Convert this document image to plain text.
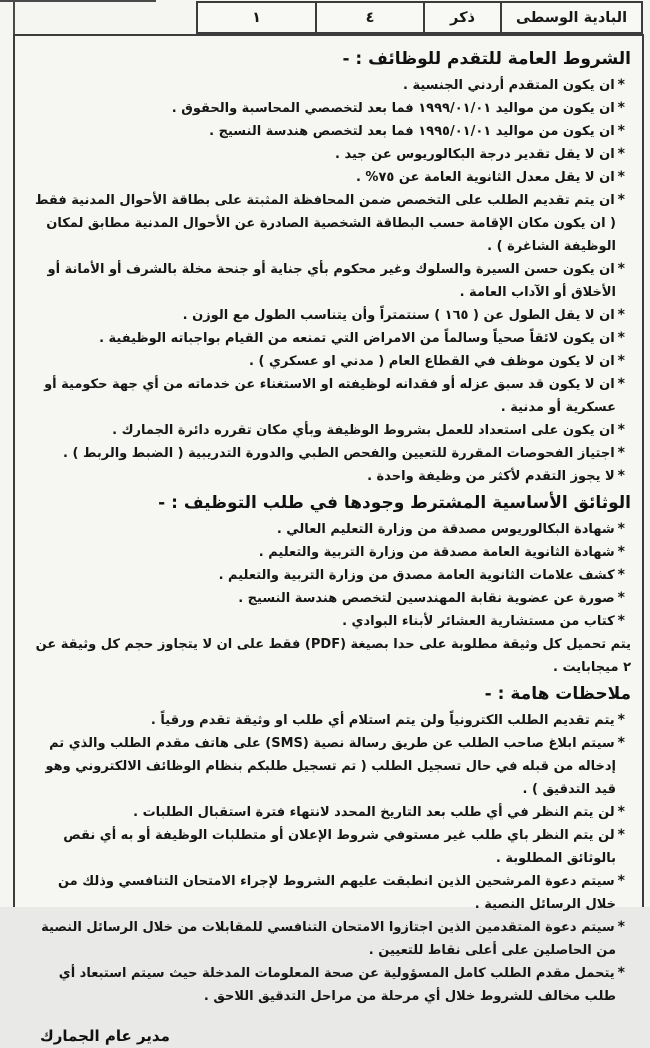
١	٤	ذكر	البادية الوسطى
الشروط العامة للتقدم للوظائف : -
*ان يكون المتقدم أردني الجنسية .
*ان يكون من مواليد ١٩٩٩/٠١/٠١ فما بعد لتخصصي المحاسبة والحقوق .
*ان يكون من مواليد ١٩٩٥/٠١/٠١ فما بعد لتخصص هندسة النسيج .
*ان لا يقل تقدير درجة البكالوريوس عن جيد .
*ان لا يقل معدل الثانوية العامة عن ٧٥% .
*ان يتم تقديم الطلب على التخصص ضمن المحافظة المثبتة على بطاقة الأحوال المدنية فقط ( ان يكون مكان الإقامة حسب البطاقة الشخصية الصادرة عن الأحوال المدنية مطابق لمكان الوظيفة الشاغرة ) .
*ان يكون حسن السيرة والسلوك وغير محكوم بأي جناية أو جنحة مخلة بالشرف أو الأمانة أو الأخلاق أو الآداب العامة .
*ان لا يقل الطول عن ( ١٦٥ ) سنتمتراً وأن يتناسب الطول مع الوزن .
*ان يكون لائقاً صحياً وسالماً من الامراض التي تمنعه من القيام بواجباته الوظيفية .
*ان لا يكون موظف في القطاع العام ( مدني او عسكري ) .
*ان لا يكون قد سبق عزله أو فقدانه لوظيفته او الاستغناء عن خدماته من أي جهة حكومية أو عسكرية أو مدنية .
*ان يكون على استعداد للعمل بشروط الوظيفة وبأي مكان تقرره دائرة الجمارك .
*اجتياز الفحوصات المقررة للتعيين والفحص الطبي والدورة التدريبية ( الضبط والربط ) .
*لا يجوز التقدم لأكثر من وظيفة واحدة .
الوثائق الأساسية المشترط وجودها في طلب التوظيف : -
*شهادة البكالوريوس مصدقة من وزارة التعليم العالي .
*شهادة الثانوية العامة مصدقة من وزارة التربية والتعليم .
*كشف علامات الثانوية العامة مصدق من وزارة التربية والتعليم .
*صورة عن عضوية نقابة المهندسين لتخصص هندسة النسيج .
*كتاب من مستشارية العشائر لأبناء البوادي .
يتم تحميل كل وثيقة مطلوبة على حدا بصيغة (PDF) فقط على ان لا يتجاوز حجم كل وثيقة عن ٢ ميجابايت .
ملاحظات هامة : -
*يتم تقديم الطلب الكترونياً ولن يتم استلام أي طلب او وثيقة تقدم ورقياً .
*سيتم ابلاغ صاحب الطلب عن طريق رسالة نصية (SMS) على هاتف مقدم الطلب والذي تم إدخاله من قبله في حال تسجيل الطلب ( تم تسجيل طلبكم بنظام الوظائف الالكتروني وهو قيد التدقيق ) .
*لن يتم النظر في أي طلب بعد التاريخ المحدد لانتهاء فترة استقبال الطلبات .
*لن يتم النظر باي طلب غير مستوفي شروط الإعلان أو متطلبات الوظيفة أو به أي نقص بالوثائق المطلوبة .
*سيتم دعوة المرشحين الذين انطبقت عليهم الشروط لإجراء الامتحان التنافسي وذلك من خلال الرسائل النصية .
*سيتم دعوة المتقدمين الذين اجتازوا الامتحان التنافسي للمقابلات من خلال الرسائل النصية من الحاصلين على أعلى نقاط للتعيين .
*يتحمل مقدم الطلب كامل المسؤولية عن صحة المعلومات المدخلة حيث سيتم استبعاد أي طلب مخالف للشروط خلال أي مرحلة من مراحل التدقيق اللاحق .
مدير عام الجمارك
